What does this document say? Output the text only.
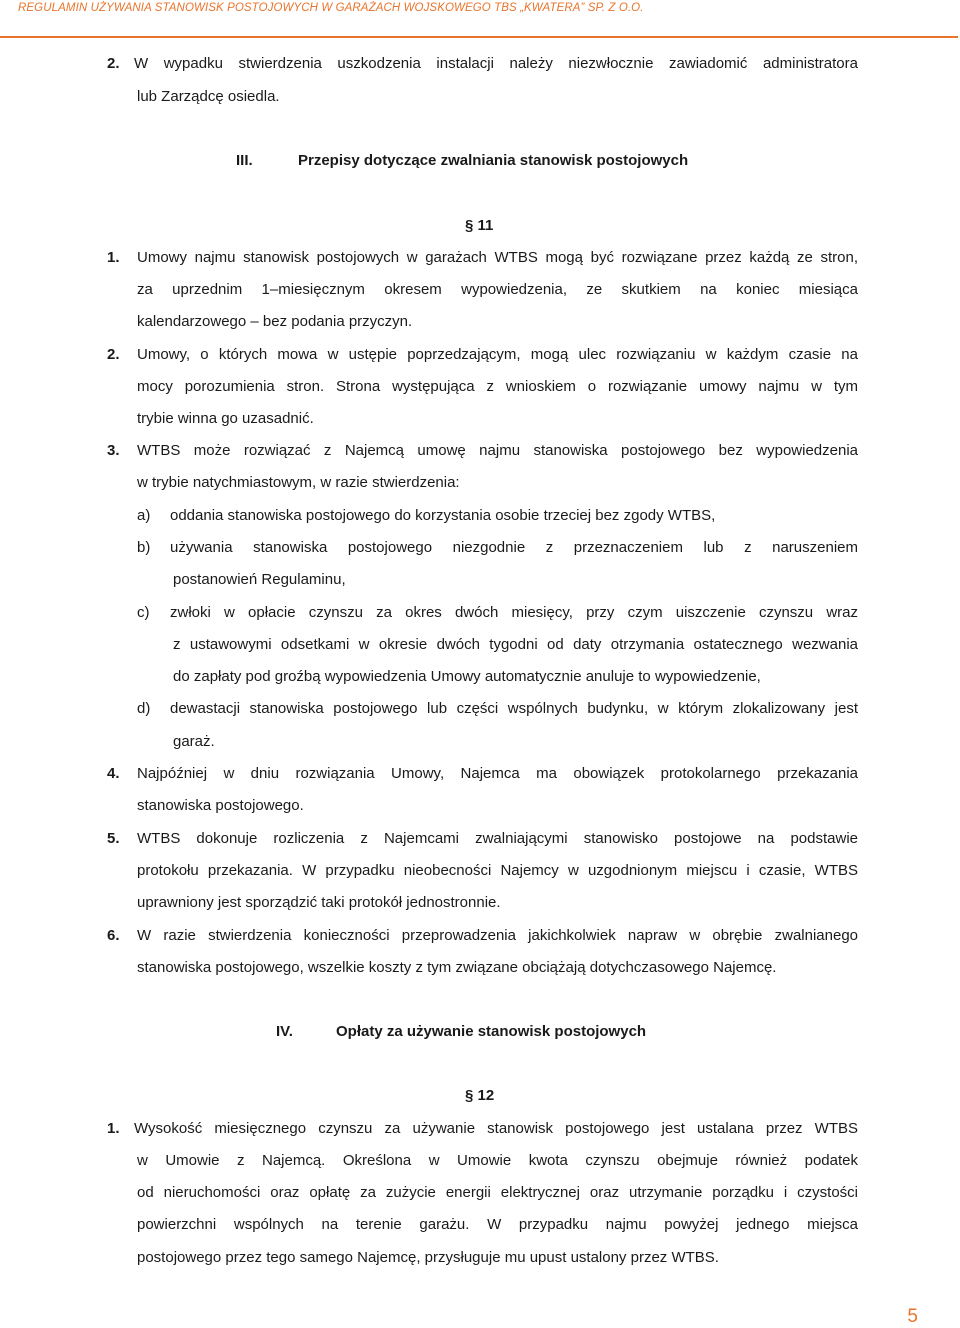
REGULAMIN UŻYWANIA STANOWISK POSTOJOWYCH W GARAŻACH WOJSKOWEGO TBS „KWATERA” SP. Z O.O.
2. W wypadku stwierdzenia uszkodzenia instalacji należy niezwłocznie zawiadomić administratora
lub Zarządcę osiedla.
III.	Przepisy dotyczące zwalniania stanowisk postojowych
§ 11
1. Umowy najmu stanowisk postojowych w garażach WTBS mogą być rozwiązane przez każdą ze stron,
za uprzednim 1–miesięcznym okresem wypowiedzenia, ze skutkiem na koniec miesiąca
kalendarzowego – bez podania przyczyn.
2. Umowy, o których mowa w ustępie poprzedzającym, mogą ulec rozwiązaniu w każdym czasie na
mocy porozumienia stron. Strona występująca z wnioskiem o rozwiązanie umowy najmu w tym
trybie winna go uzasadnić.
3. WTBS może rozwiązać z Najemcą umowę najmu stanowiska postojowego bez wypowiedzenia
w trybie natychmiastowym, w razie stwierdzenia:
a) oddania stanowiska postojowego do korzystania osobie trzeciej bez zgody WTBS,
b) używania stanowiska postojowego niezgodnie z przeznaczeniem lub z naruszeniem
postanowień Regulaminu,
c) zwłoki w opłacie czynszu za okres dwóch miesięcy, przy czym uiszczenie czynszu wraz
z ustawowymi odsetkami w okresie dwóch tygodni od daty otrzymania ostatecznego wezwania
do zapłaty pod groźbą wypowiedzenia Umowy automatycznie anuluje to wypowiedzenie,
d) dewastacji stanowiska postojowego lub części wspólnych budynku, w którym zlokalizowany jest
garaż.
4. Najpóźniej w dniu rozwiązania Umowy, Najemca ma obowiązek protokolarnego przekazania
stanowiska postojowego.
5. WTBS dokonuje rozliczenia z Najemcami zwalniającymi stanowisko postojowe na podstawie
protokołu przekazania. W przypadku nieobecności Najemcy w uzgodnionym miejscu i czasie, WTBS
uprawniony jest sporządzić taki protokół jednostronnie.
6. W razie stwierdzenia konieczności przeprowadzenia jakichkolwiek napraw w obrębie zwalnianego
stanowiska postojowego, wszelkie koszty z tym związane obciążają dotychczasowego Najemcę.
IV.	Opłaty za używanie stanowisk postojowych
§ 12
1. Wysokość miesięcznego czynszu za używanie stanowisk postojowego jest ustalana przez WTBS
w Umowie z Najemcą. Określona w Umowie kwota czynszu obejmuje również podatek
od nieruchomości oraz opłatę za zużycie energii elektrycznej oraz utrzymanie porządku i czystości
powierzchni wspólnych na terenie garażu. W przypadku najmu powyżej jednego miejsca
postojowego przez tego samego Najemcę, przysługuje mu upust ustalony przez WTBS.
5
